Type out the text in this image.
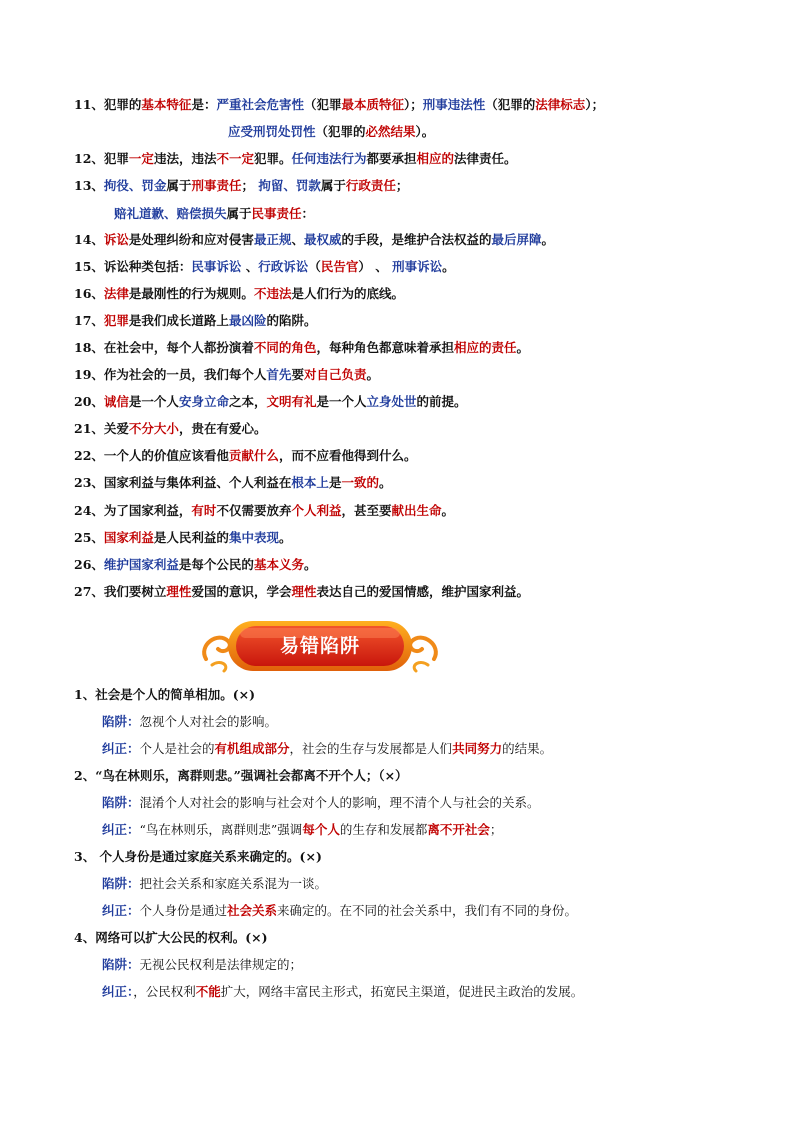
11、犯罪的基本特征是：严重社会危害性（犯罪最本质特征）；刑事违法性（犯罪的法律标志）；
应受刑罚处罚性（犯罪的必然结果）。
12、犯罪一定违法，违法不一定犯罪。任何违法行为都要承担相应的法律责任。
13、拘役、罚金属于刑事责任； 拘留、罚款属于行政责任；
赔礼道歉、赔偿损失属于民事责任：
14、诉讼是处理纠纷和应对侵害最正规、最权威的手段，是维护合法权益的最后屏障。
15、诉讼种类包括：民事诉讼 、行政诉讼（民告官） 、 刑事诉讼。
16、法律是最刚性的行为规则。不违法是人们行为的底线。
17、犯罪是我们成长道路上最凶险的陷阱。
18、在社会中，每个人都扮演着不同的角色，每种角色都意味着承担相应的责任。
19、作为社会的一员，我们每个人首先要对自己负责。
20、诚信是一个人安身立命之本，文明有礼是一个人立身处世的前提。
21、关爱不分大小，贵在有爱心。
22、一个人的价值应该看他贡献什么，而不应看他得到什么。
23、国家利益与集体利益、个人利益在根本上是一致的。
24、为了国家利益，有时不仅需要放弃个人利益，甚至要献出生命。
25、国家利益是人民利益的集中表现。
26、维护国家利益是每个公民的基本义务。
27、我们要树立理性爱国的意识，学会理性表达自己的爱国情感，维护国家利益。
易错陷阱
1、社会是个人的简单相加。(×)
陷阱：忽视个人对社会的影响。
纠正：个人是社会的有机组成部分，社会的生存与发展都是人们共同努力的结果。
2、“鸟在林则乐，离群则悲。”强调社会都离不开个人；（×）
陷阱：混淆个人对社会的影响与社会对个人的影响，理不清个人与社会的关系。
纠正：“鸟在林则乐，离群则悲”强调每个人的生存和发展都离不开社会；
3、 个人身份是通过家庭关系来确定的。(×)
陷阱：把社会关系和家庭关系混为一谈。
纠正：个人身份是通过社会关系来确定的。在不同的社会关系中，我们有不同的身份。
4、网络可以扩大公民的权利。(×)
陷阱：无视公民权利是法律规定的；
纠正：，公民权利不能扩大，网络丰富民主形式，拓宽民主渠道，促进民主政治的发展。
